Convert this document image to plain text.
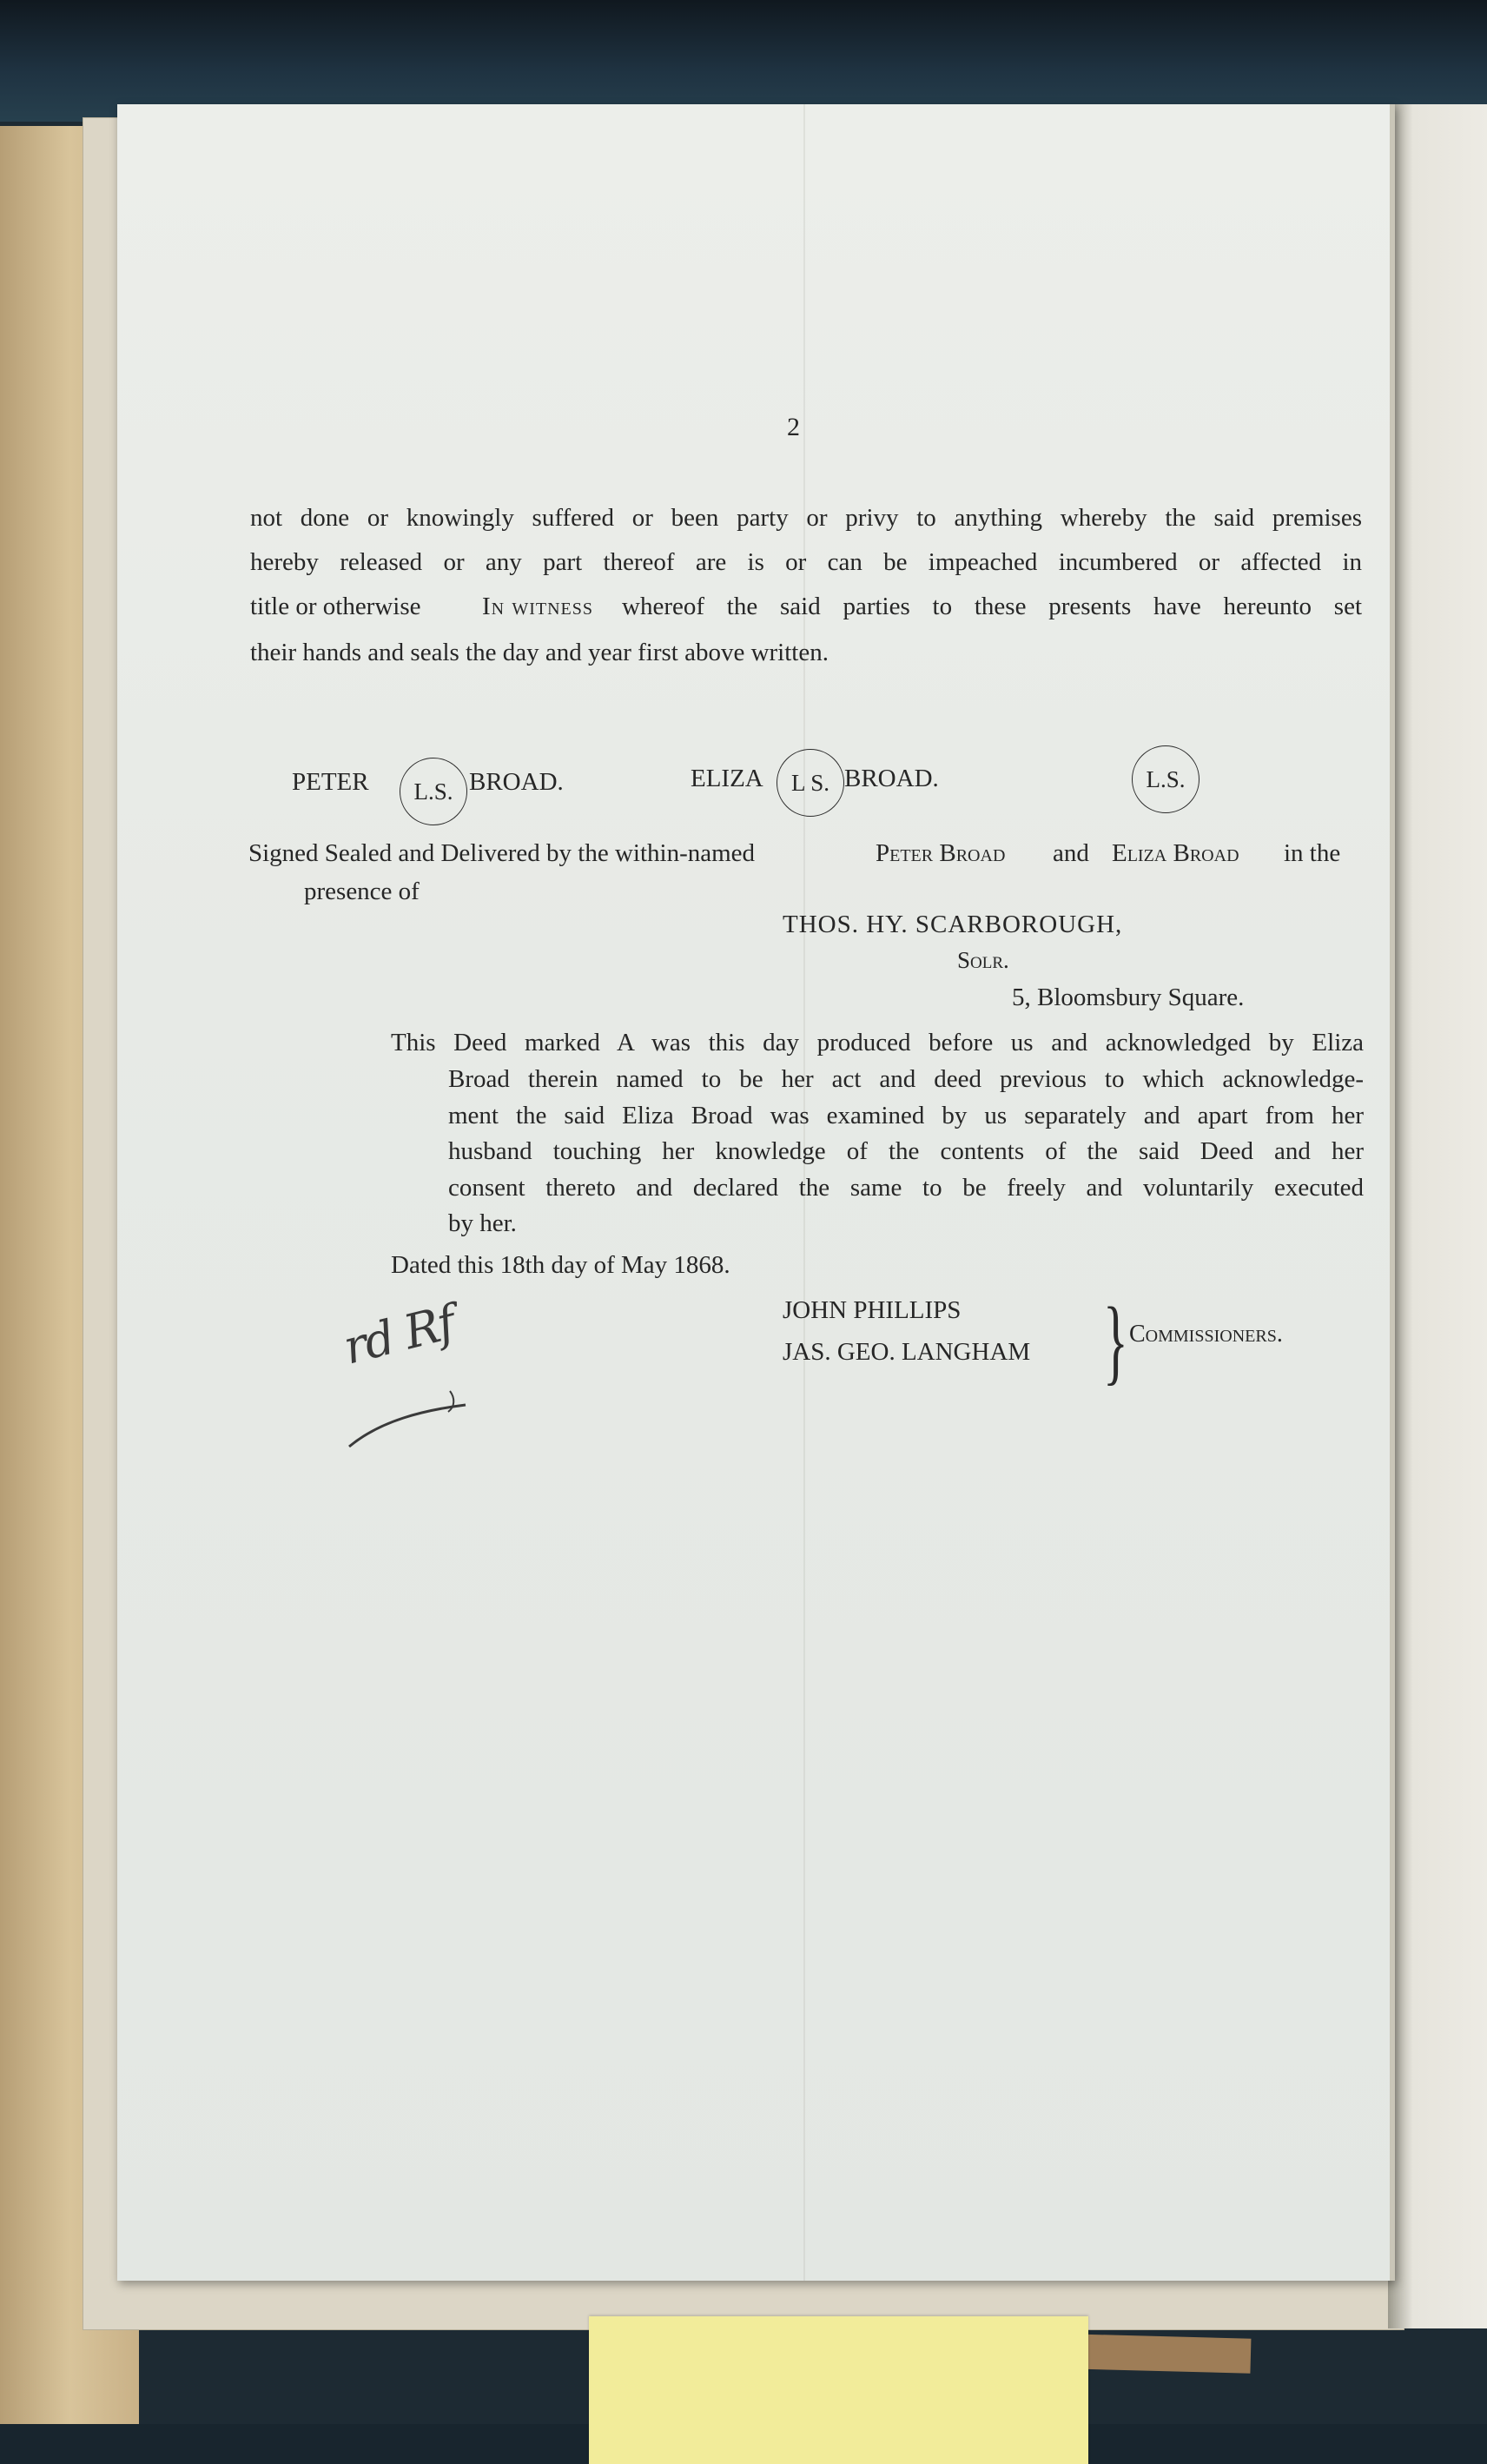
2
not done or knowingly suffered or been party or privy to anything whereby the said premises
hereby released or any part thereof are is or can be impeached incumbered or affected in
title or otherwise In witness whereof the said parties to these presents have hereunto set
their hands and seals the day and year first above written.
PETER	L.S. BROAD.	ELIZA	L S. BROAD.	L.S.
Signed Sealed and Delivered by the within-named	Peter Broad and Eliza Broad in the
presence of
THOS. HY. SCARBOROUGH,
Solr.
5, Bloomsbury Square.
This Deed marked A was this day produced before us and acknowledged by Eliza
Broad therein named to be her act and deed previous to which acknowledge-
ment the said Eliza Broad was examined by us separately and apart from her
husband touching her knowledge of the contents of the said Deed and her
consent thereto and declared the same to be freely and voluntarily executed
by her.
Dated this 18th day of May 1868.
JOHN PHILLIPS
JAS. GEO. LANGHAM } Commissioners.
rd Rf
